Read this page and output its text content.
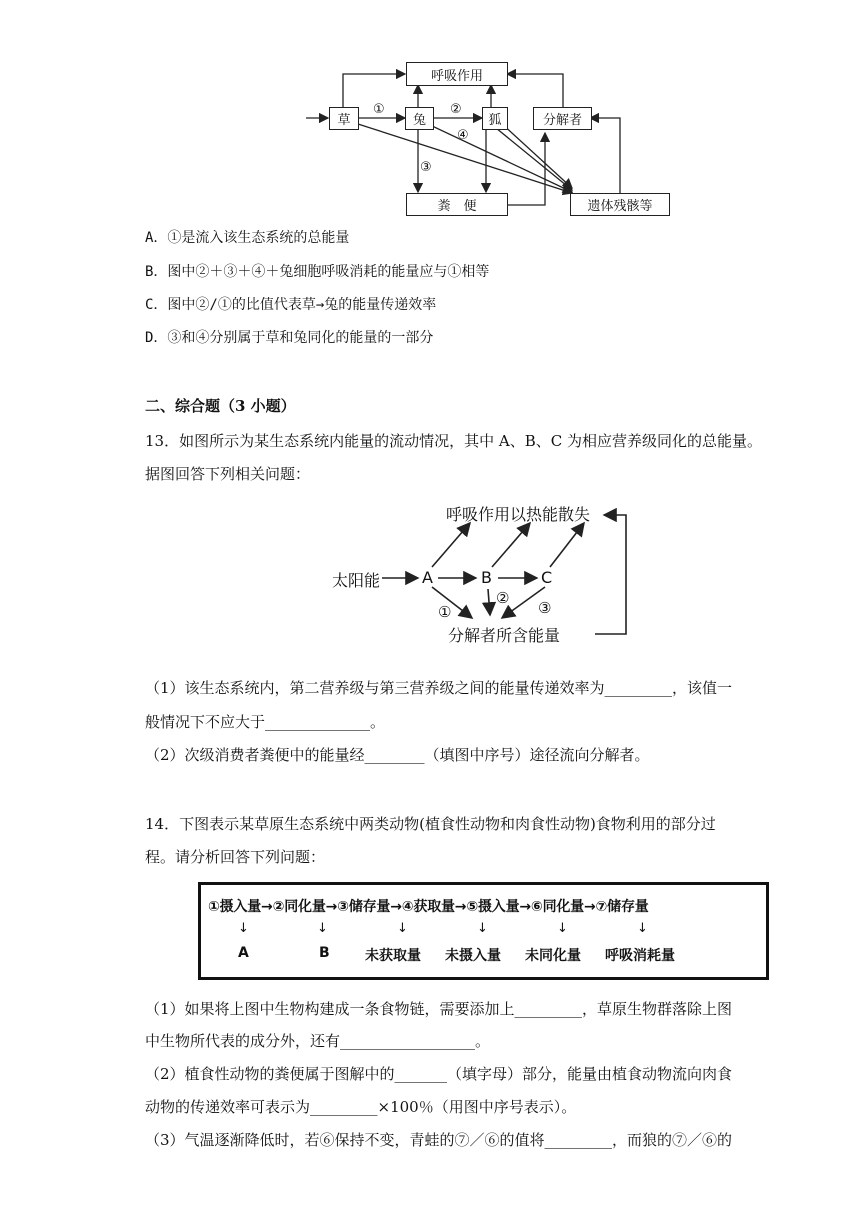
呼吸作用
草	兔	狐	分解者
粪　便	遗体残骸等
①	②
④
③
A．①是流入该生态系统的总能量
B．图中②＋③＋④＋兔细胞呼吸消耗的能量应与①相等
C．图中②/①的比值代表草→兔的能量传递效率
D．③和④分别属于草和兔同化的能量的一部分
二、综合题（3 小题）
13．如图所示为某生态系统内能量的流动情况，其中 A、B、C 为相应营养级同化的总能量。
据图回答下列相关问题：
呼吸作用以热能散失
太阳能	A	B	C
分解者所含能量
①
②
③
（1）该生态系统内，第二营养级与第三营养级之间的能量传递效率为_________，该值一
般情况下不应大于______________。
（2）次级消费者粪便中的能量经________（填图中序号）途径流向分解者。
14．下图表示某草原生态系统中两类动物(植食性动物和肉食性动物)食物利用的部分过
程。请分析回答下列问题：
①摄入量→②同化量→③储存量→④获取量→⑤摄入量→⑥同化量→⑦储存量
↓	↓	↓	↓	↓	↓
A	B	未获取量 未摄入量 未同化量 呼吸消耗量
（1）如果将上图中生物构建成一条食物链，需要添加上_________，草原生物群落除上图
中生物所代表的成分外，还有__________________。
（2）植食性动物的粪便属于图解中的_______（填字母）部分，能量由植食动物流向肉食
动物的传递效率可表示为_________×100％（用图中序号表示）。
（3）气温逐渐降低时，若⑥保持不变，青蛙的⑦／⑥的值将_________，而狼的⑦／⑥的
